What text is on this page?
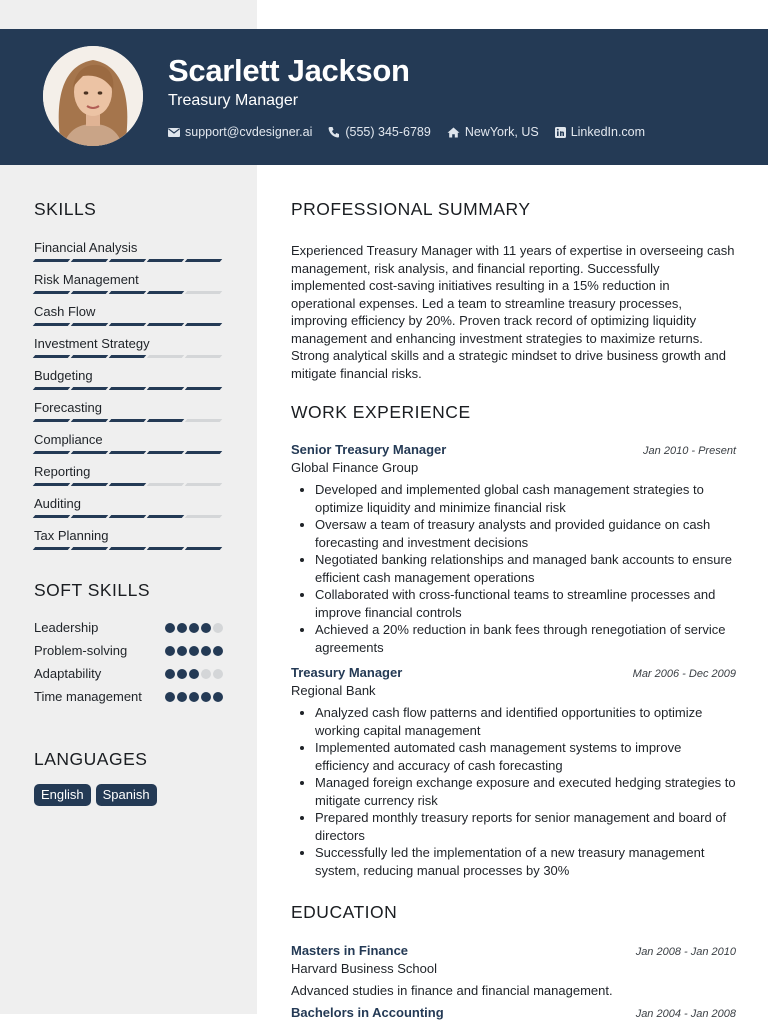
Scarlett Jackson
Treasury Manager
support@cvdesigner.ai	(555) 345-6789	NewYork, US	LinkedIn.com
SKILLS
Financial Analysis
Risk Management
Cash Flow
Investment Strategy
Budgeting
Forecasting
Compliance
Reporting
Auditing
Tax Planning
SOFT SKILLS
Leadership
Problem-solving
Adaptability
Time management
LANGUAGES
English	Spanish
PROFESSIONAL SUMMARY
Experienced Treasury Manager with 11 years of expertise in overseeing cash management, risk analysis, and financial reporting. Successfully implemented cost-saving initiatives resulting in a 15% reduction in operational expenses. Led a team to streamline treasury processes, improving efficiency by 20%. Proven track record of optimizing liquidity management and enhancing investment strategies to maximize returns. Strong analytical skills and a strategic mindset to drive business growth and mitigate financial risks.
WORK EXPERIENCE
Senior Treasury Manager	Jan 2010 - Present
Global Finance Group
• Developed and implemented global cash management strategies to optimize liquidity and minimize financial risk
• Oversaw a team of treasury analysts and provided guidance on cash forecasting and investment decisions
• Negotiated banking relationships and managed bank accounts to ensure efficient cash management operations
• Collaborated with cross-functional teams to streamline processes and improve financial controls
• Achieved a 20% reduction in bank fees through renegotiation of service agreements
Treasury Manager	Mar 2006 - Dec 2009
Regional Bank
• Analyzed cash flow patterns and identified opportunities to optimize working capital management
• Implemented automated cash management systems to improve efficiency and accuracy of cash forecasting
• Managed foreign exchange exposure and executed hedging strategies to mitigate currency risk
• Prepared monthly treasury reports for senior management and board of directors
• Successfully led the implementation of a new treasury management system, reducing manual processes by 30%
EDUCATION
Masters in Finance	Jan 2008 - Jan 2010
Harvard Business School
Advanced studies in finance and financial management.
Bachelors in Accounting	Jan 2004 - Jan 2008
